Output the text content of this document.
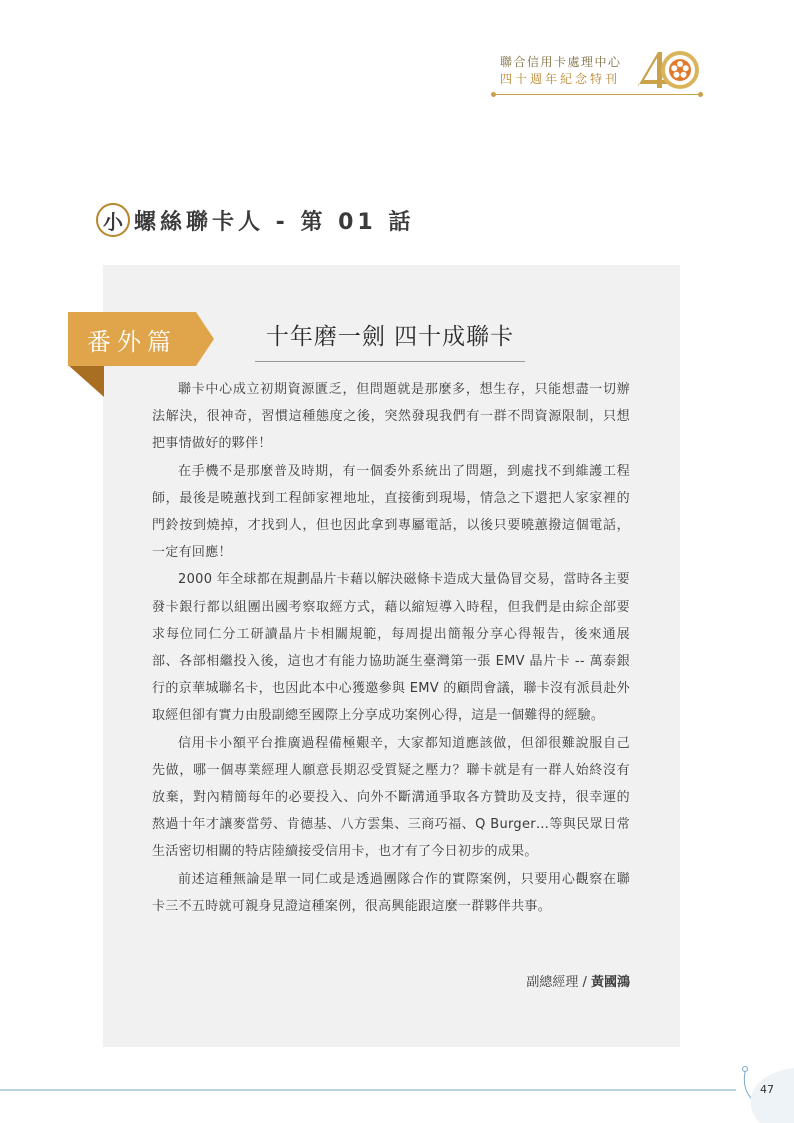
聯合信用卡處理中心
四十週年紀念特刊
小 螺絲聯卡人 - 第 01 話
番外篇	十年磨一劍 四十成聯卡

聯卡中心成立初期資源匱乏，但問題就是那麼多，想生存，只能想盡一切辦法解決，很神奇，習慣這種態度之後，突然發現我們有一群不問資源限制，只想把事情做好的夥伴！

在手機不是那麼普及時期，有一個委外系統出了問題，到處找不到維護工程師，最後是曉蕙找到工程師家裡地址，直接衝到現場，情急之下還把人家家裡的門鈴按到燒掉，才找到人，但也因此拿到專屬電話，以後只要曉蕙撥這個電話，一定有回應！

2000 年全球都在規劃晶片卡藉以解決磁條卡造成大量偽冒交易，當時各主要發卡銀行都以組團出國考察取經方式，藉以縮短導入時程，但我們是由綜企部要求每位同仁分工研讀晶片卡相關規範，每周提出簡報分享心得報告，後來通展部、各部相繼投入後，這也才有能力協助誕生臺灣第一張 EMV 晶片卡 -- 萬泰銀行的京華城聯名卡，也因此本中心獲邀參與 EMV 的顧問會議，聯卡沒有派員赴外取經但卻有實力由殷副總至國際上分享成功案例心得，這是一個難得的經驗。

信用卡小額平台推廣過程備極艱辛，大家都知道應該做，但卻很難說服自己先做，哪一個專業經理人願意長期忍受質疑之壓力？聯卡就是有一群人始終沒有放棄，對內精簡每年的必要投入、向外不斷溝通爭取各方贊助及支持，很幸運的熬過十年才讓麥當勞、肯德基、八方雲集、三商巧福、Q Burger…等與民眾日常生活密切相關的特店陸續接受信用卡，也才有了今日初步的成果。

前述這種無論是單一同仁或是透過團隊合作的實際案例，只要用心觀察在聯卡三不五時就可親身見證這種案例，很高興能跟這麼一群夥伴共事。

副總經理 / 黃國鴻
47
